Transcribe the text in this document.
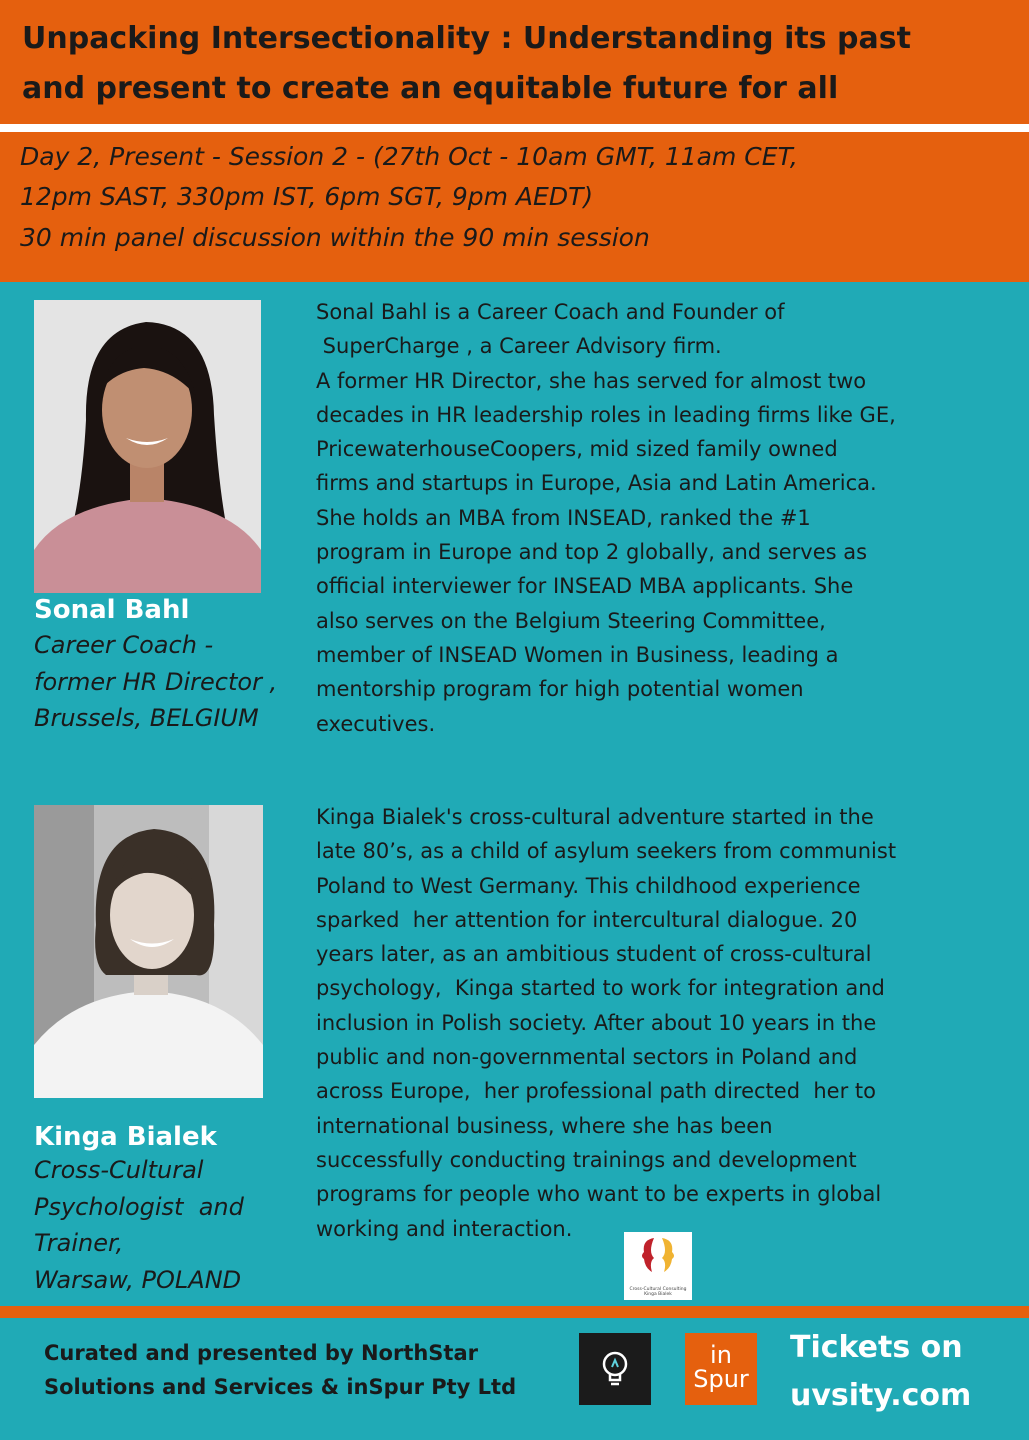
Unpacking Intersectionality : Understanding its past
and present to create an equitable future for all
Day 2, Present - Session 2 - (27th Oct - 10am GMT, 11am CET,
12pm SAST, 330pm IST, 6pm SGT, 9pm AEDT)
30 min panel discussion within the 90 min session
Sonal Bahl
Career Coach -
former HR Director ,
Brussels, BELGIUM
Sonal Bahl is a Career Coach and Founder of
SuperCharge , a Career Advisory firm.
A former HR Director, she has served for almost two
decades in HR leadership roles in leading firms like GE,
PricewaterhouseCoopers, mid sized family owned
firms and startups in Europe, Asia and Latin America.
She holds an MBA from INSEAD, ranked the #1
program in Europe and top 2 globally, and serves as
official interviewer for INSEAD MBA applicants. She
also serves on the Belgium Steering Committee,
member of INSEAD Women in Business, leading a
mentorship program for high potential women
executives.
Kinga Bialek
Cross-Cultural
Psychologist  and
Trainer,
Warsaw, POLAND
Kinga Bialek's cross-cultural adventure started in the
late 80’s, as a child of asylum seekers from communist
Poland to West Germany. This childhood experience
sparked  her attention for intercultural dialogue. 20
years later, as an ambitious student of cross-cultural
psychology,  Kinga started to work for integration and
inclusion in Polish society. After about 10 years in the
public and non-governmental sectors in Poland and
across Europe,  her professional path directed  her to
international business, where she has been
successfully conducting trainings and development
programs for people who want to be experts in global
working and interaction.
Cross-Cultural Consulting
Kinga Bialek
Curated and presented by NorthStar
Solutions and Services & inSpur Pty Ltd
in
Spur
Tickets on
uvsity.com
